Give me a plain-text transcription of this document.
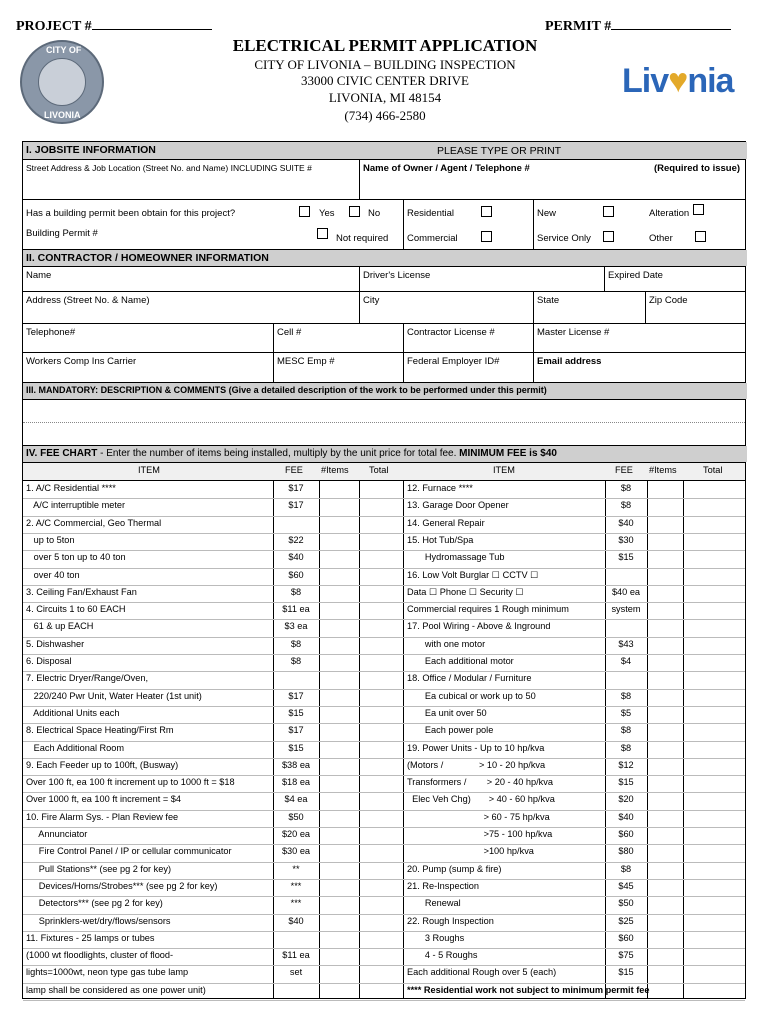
PROJECT #	PERMIT #
ELECTRICAL PERMIT APPLICATION
CITY OF LIVONIA – BUILDING INSPECTION
33000 CIVIC CENTER DRIVE
LIVONIA, MI 48154
(734) 466-2580
CITY OF
LIVONIA
Liv♥nia
I. JOBSITE INFORMATION	PLEASE TYPE OR PRINT
Street Address & Job Location (Street No. and Name) INCLUDING SUITE #	Name of Owner / Agent / Telephone #	(Required to issue)
Has a building permit been obtain for this project?	Yes	No
Building Permit #	Not required
Residential
Commercial
New
Service Only
Alteration
Other
II. CONTRACTOR / HOMEOWNER INFORMATION
Name	Driver's License	Expired Date
Address (Street No. & Name)	City	State	Zip Code
Telephone#	Cell #	Contractor License #	Master License #
Workers Comp Ins Carrier	MESC Emp #	Federal Employer ID#	Email address
III. MANDATORY: DESCRIPTION & COMMENTS (Give a detailed description of the work to be performed under this permit)
IV. FEE CHART - Enter the number of items being installed, multiply by the unit price for total fee. MINIMUM FEE is $40
ITEM	FEE #Items Total	ITEM	FEE #Items	Total
1. A/C Residential ****	$17
A/C interruptible meter	$17
2. A/C Commercial, Geo Thermal
up to 5ton	$22
over 5 ton up to 40 ton	$40
over 40 ton	$60
3. Ceiling Fan/Exhaust Fan	$8
4. Circuits 1 to 60 EACH	$11 ea
61 & up EACH	$3 ea
5. Dishwasher	$8
6. Disposal	$8
7. Electric Dryer/Range/Oven,
220/240 Pwr Unit, Water Heater (1st unit)	$17
Additional Units each	$15
8. Electrical Space Heating/First Rm	$17
Each Additional Room	$15
9. Each Feeder up to 100ft, (Busway)	$38 ea
Over 100 ft, ea 100 ft increment up to 1000 ft = $18	$18 ea
Over 1000 ft, ea 100 ft increment = $4	$4 ea
10. Fire Alarm Sys. - Plan Review fee	$50
Annunciator	$20 ea
Fire Control Panel / IP or cellular communicator	$30 ea
Pull Stations** (see pg 2 for key)	**
Devices/Horns/Strobes*** (see pg 2 for key)	***
Detectors*** (see pg 2 for key)	***
Sprinklers-wet/dry/flows/sensors	$40
11. Fixtures - 25 lamps or tubes
(1000 wt floodlights, cluster of flood-	$11 ea
lights=1000wt, neon type gas tube lamp	set
lamp shall be considered as one power unit)
12. Furnace ****	$8
13. Garage Door Opener	$8
14. General Repair	$40
15. Hot Tub/Spa	$30
Hydromassage Tub	$15
16. Low Volt Burglar ☐ CCTV ☐
Data ☐ Phone ☐ Security ☐	$40 ea
Commercial requires 1 Rough minimum	system
17. Pool Wiring - Above & Inground
with one motor	$43
Each additional motor	$4
18. Office / Modular / Furniture
Ea cubical or work up to 50	$8
Ea unit over 50	$5
Each power pole	$8
19. Power Units - Up to 10 hp/kva	$8
(Motors /              > 10 - 20 hp/kva	$12
Transformers /        > 20 - 40 hp/kva	$15
Elec Veh Chg)       > 40 - 60 hp/kva	$20
> 60 - 75 hp/kva	$40
>75 - 100 hp/kva	$60
>100 hp/kva	$80
20. Pump (sump & fire)	$8
21. Re-Inspection	$45
Renewal	$50
22. Rough Inspection	$25
3 Roughs	$60
4 - 5 Roughs	$75
Each additional Rough over 5 (each)	$15
**** Residential work not subject to minimum permit fee
